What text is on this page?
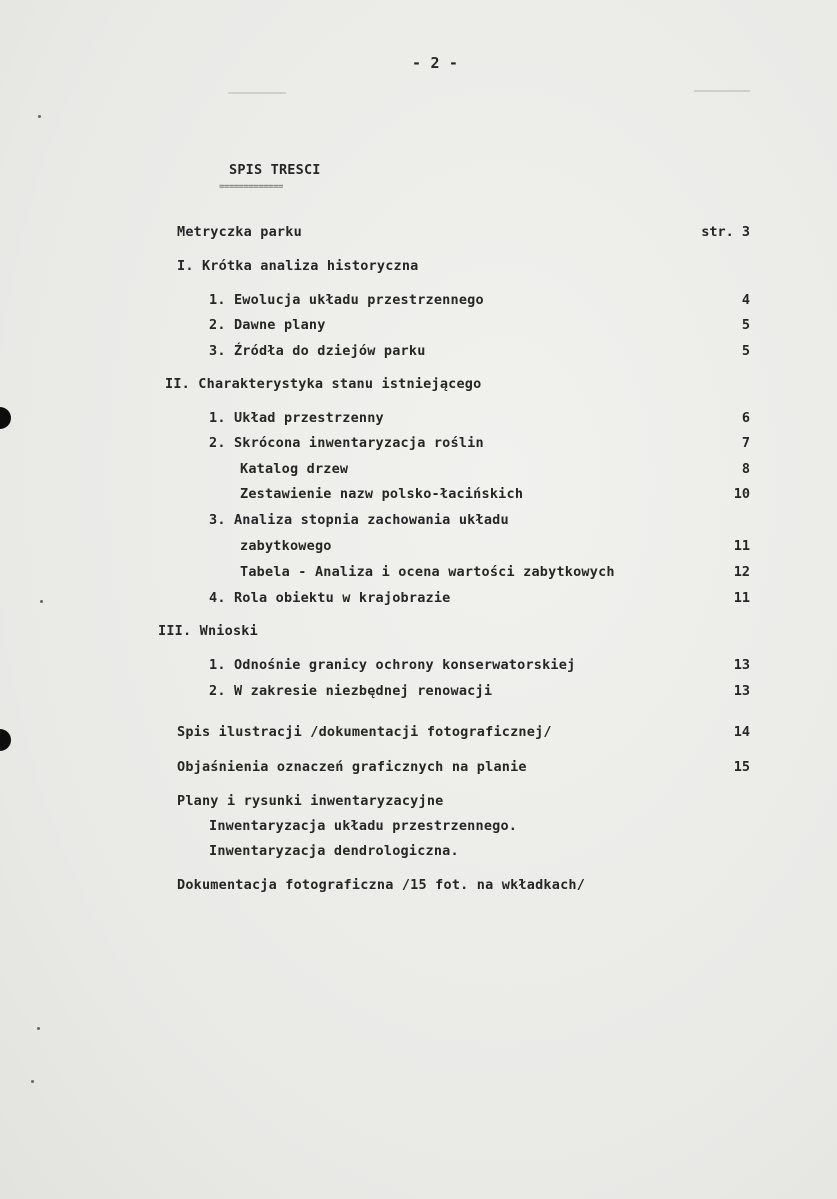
- 2 -
SPIS TRESCI
=============
Metryczka parku	str. 3
I. Krótka analiza historyczna
1. Ewolucja układu przestrzennego	4
2. Dawne plany	5
3. Źródła do dziejów parku	5
II. Charakterystyka stanu istniejącego
1. Układ przestrzenny	6
2. Skrócona inwentaryzacja roślin	7
Katalog drzew	8
Zestawienie nazw polsko-łacińskich	10
3. Analiza stopnia zachowania układu
zabytkowego	11
Tabela - Analiza i ocena wartości zabytkowych	12
4. Rola obiektu w krajobrazie	11
III. Wnioski
1. Odnośnie granicy ochrony konserwatorskiej	13
2. W zakresie niezbędnej renowacji	13
Spis ilustracji /dokumentacji fotograficznej/	14
Objaśnienia oznaczeń graficznych na planie	15
Plany i rysunki inwentaryzacyjne
Inwentaryzacja układu przestrzennego.
Inwentaryzacja dendrologiczna.
Dokumentacja fotograficzna /15 fot. na wkładkach/
